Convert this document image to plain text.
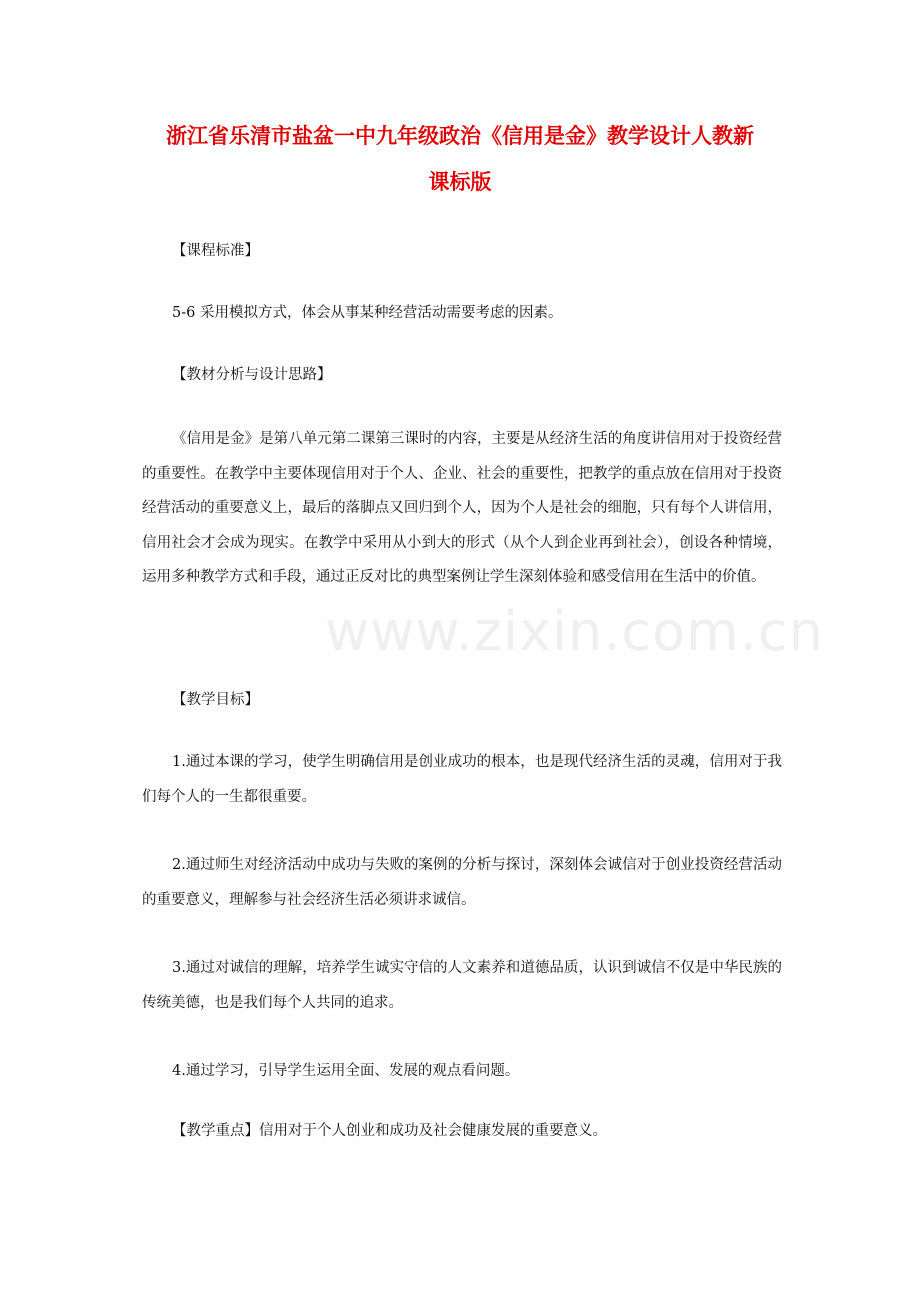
浙江省乐清市盐盆一中九年级政治《信用是金》教学设计人教新
课标版
【课程标准】
5-6 采用模拟方式，体会从事某种经营活动需要考虑的因素。
【教材分析与设计思路】
《信用是金》是第八单元第二课第三课时的内容，主要是从经济生活的角度讲信用对于投资经营的重要性。在教学中主要体现信用对于个人、企业、社会的重要性，把教学的重点放在信用对于投资经营活动的重要意义上，最后的落脚点又回归到个人，因为个人是社会的细胞，只有每个人讲信用，信用社会才会成为现实。在教学中采用从小到大的形式（从个人到企业再到社会），创设各种情境，运用多种教学方式和手段，通过正反对比的典型案例让学生深刻体验和感受信用在生活中的价值。
【教学目标】
1.通过本课的学习，使学生明确信用是创业成功的根本，也是现代经济生活的灵魂，信用对于我们每个人的一生都很重要。
2.通过师生对经济活动中成功与失败的案例的分析与探讨，深刻体会诚信对于创业投资经营活动的重要意义，理解参与社会经济生活必须讲求诚信。
3.通过对诚信的理解，培养学生诚实守信的人文素养和道德品质，认识到诚信不仅是中华民族的传统美德，也是我们每个人共同的追求。
4.通过学习，引导学生运用全面、发展的观点看问题。
【教学重点】信用对于个人创业和成功及社会健康发展的重要意义。
www.zixin.com.cn
